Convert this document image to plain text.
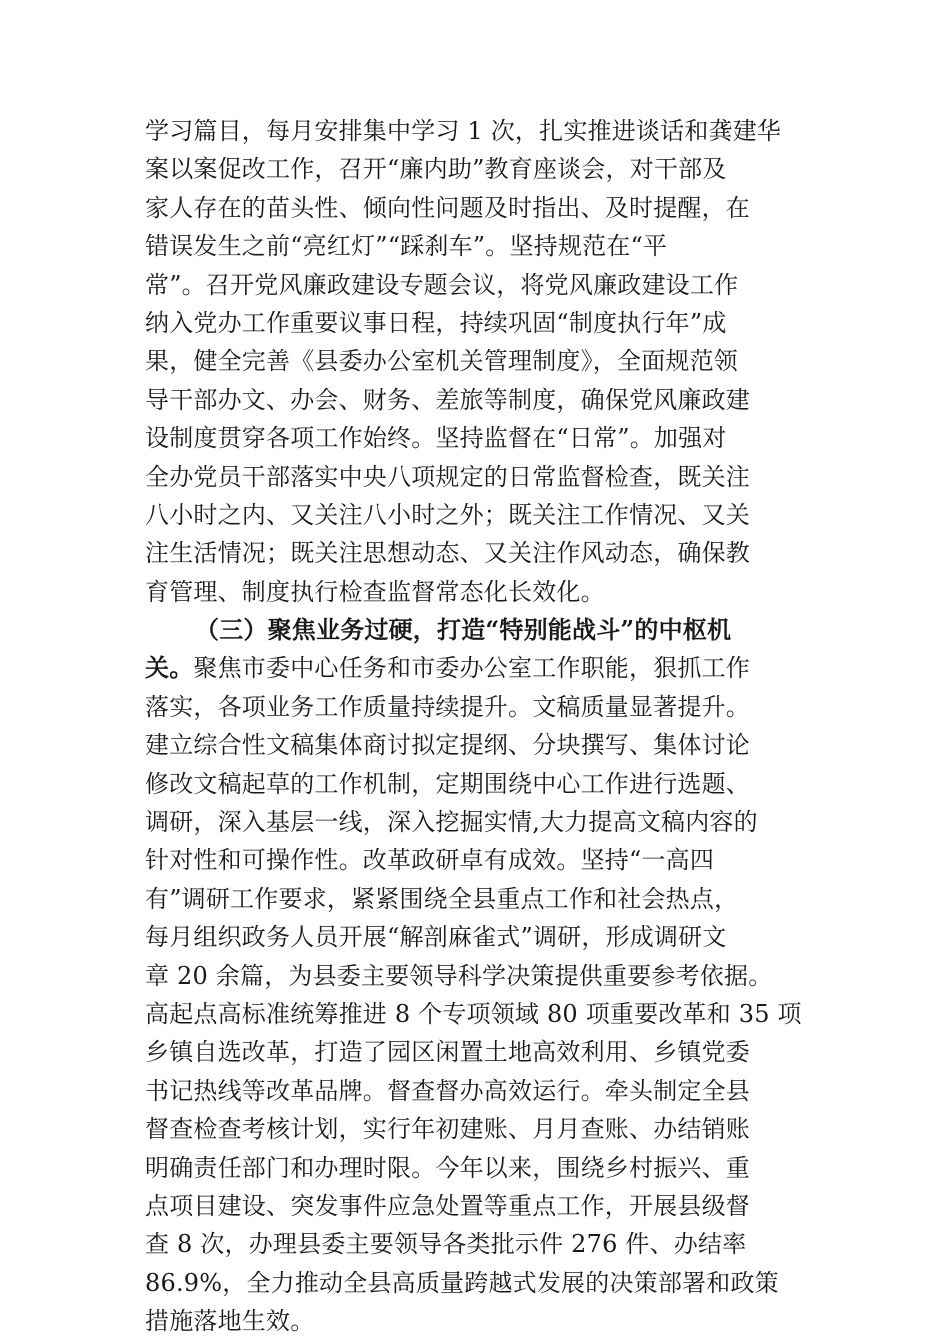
学习篇目，每月安排集中学习 1 次，扎实推进谈话和龚建华
案以案促改工作，召开“廉内助”教育座谈会，对干部及
家人存在的苗头性、倾向性问题及时指出、及时提醒，在
错误发生之前“亮红灯”“踩刹车”。坚持规范在“平
常”。召开党风廉政建设专题会议，将党风廉政建设工作
纳入党办工作重要议事日程，持续巩固“制度执行年”成
果，健全完善《县委办公室机关管理制度》，全面规范领
导干部办文、办会、财务、差旅等制度，确保党风廉政建
设制度贯穿各项工作始终。坚持监督在“日常”。加强对
全办党员干部落实中央八项规定的日常监督检查，既关注
八小时之内、又关注八小时之外；既关注工作情况、又关
注生活情况；既关注思想动态、又关注作风动态，确保教
育管理、制度执行检查监督常态化长效化。
（三）聚焦业务过硬，打造“特别能战斗”的中枢机
关。聚焦市委中心任务和市委办公室工作职能，狠抓工作
落实，各项业务工作质量持续提升。文稿质量显著提升。
建立综合性文稿集体商讨拟定提纲、分块撰写、集体讨论
修改文稿起草的工作机制，定期围绕中心工作进行选题、
调研，深入基层一线，深入挖掘实情,大力提高文稿内容的
针对性和可操作性。改革政研卓有成效。坚持“一高四
有”调研工作要求，紧紧围绕全县重点工作和社会热点，
每月组织政务人员开展“解剖麻雀式”调研，形成调研文
章 20 余篇，为县委主要领导科学决策提供重要参考依据。
高起点高标准统筹推进 8 个专项领域 80 项重要改革和 35 项
乡镇自选改革，打造了园区闲置土地高效利用、乡镇党委
书记热线等改革品牌。督查督办高效运行。牵头制定全县
督查检查考核计划，实行年初建账、月月查账、办结销账
明确责任部门和办理时限。今年以来，围绕乡村振兴、重
点项目建设、突发事件应急处置等重点工作，开展县级督
查 8 次，办理县委主要领导各类批示件 276 件、办结率
86.9%，全力推动全县高质量跨越式发展的决策部署和政策
措施落地生效。
